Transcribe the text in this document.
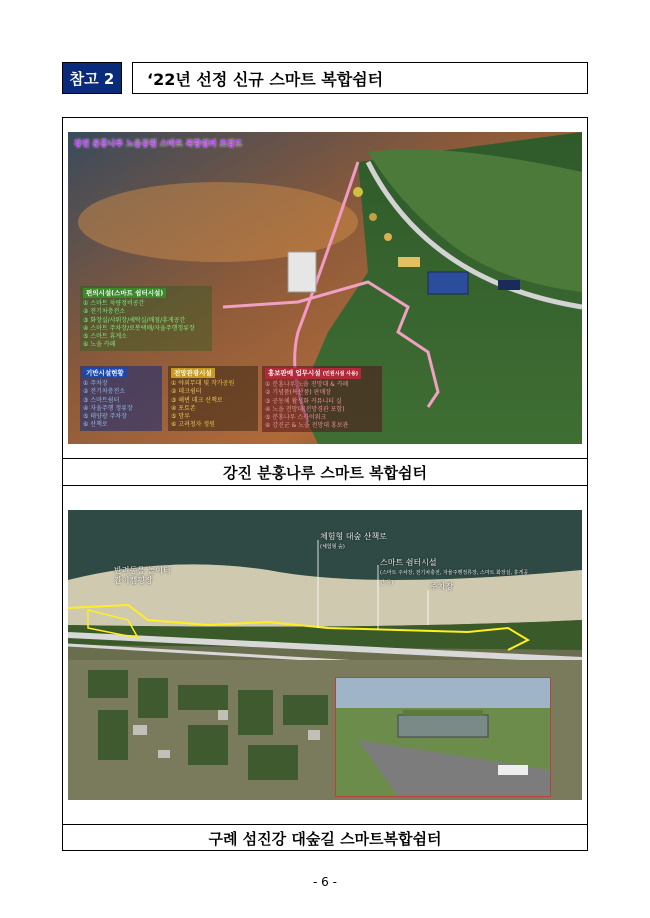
참고 2	‘22년 선정 신규 스마트 복합쉼터
강진 분홍나루 노을공원 스마트 복합쉼터 조감도
편의시설(스마트 쉼터시설)
① 스마트 차량정비공간
② 전기차충전소
③ 화장실/샤워장/세탁실/매점/휴게공간
④ 스마트 주차장/로봇택배/자율주행정류장
⑤ 스마트 휴게소
⑥ 노을 카페
기반시설현황
① 주차장
② 전기차충전소
③ 스마트쉼터
④ 자율주행 정류장
⑤ 태양광 주차장
⑥ 산책로
전망관광시설
① 야외무대 및 작가공원
② 데크쉼터
③ 해변 데크 산책로
④ 포토존
⑤ 망루
⑥ 고려청자 정원
홍보판매 업무시설 (민원시설 사용)
① 분홍나루 노을 전망대 & 카페
② 기념품(특산품) 판매장
③ 공동체 활성화 커뮤니티 실
④ 노을 전망대(전망경관 포함)
⑤ 분홍나루 스카이워크
⑥ 강진군 & 노을 전망대 홍보관
강진 분홍나루 스마트 복합쉼터
반려동물 놀이터
간이캠핑장
체험형 대숲 산책로
(체험형 숲)
스마트 쉼터시설
(스마트 주차장, 전기차충전, 자율주행정류장, 스마트 화장실, 휴게공간 등)	주차장
구례 섬진강 대숲길 스마트복합쉼터
- 6 -
